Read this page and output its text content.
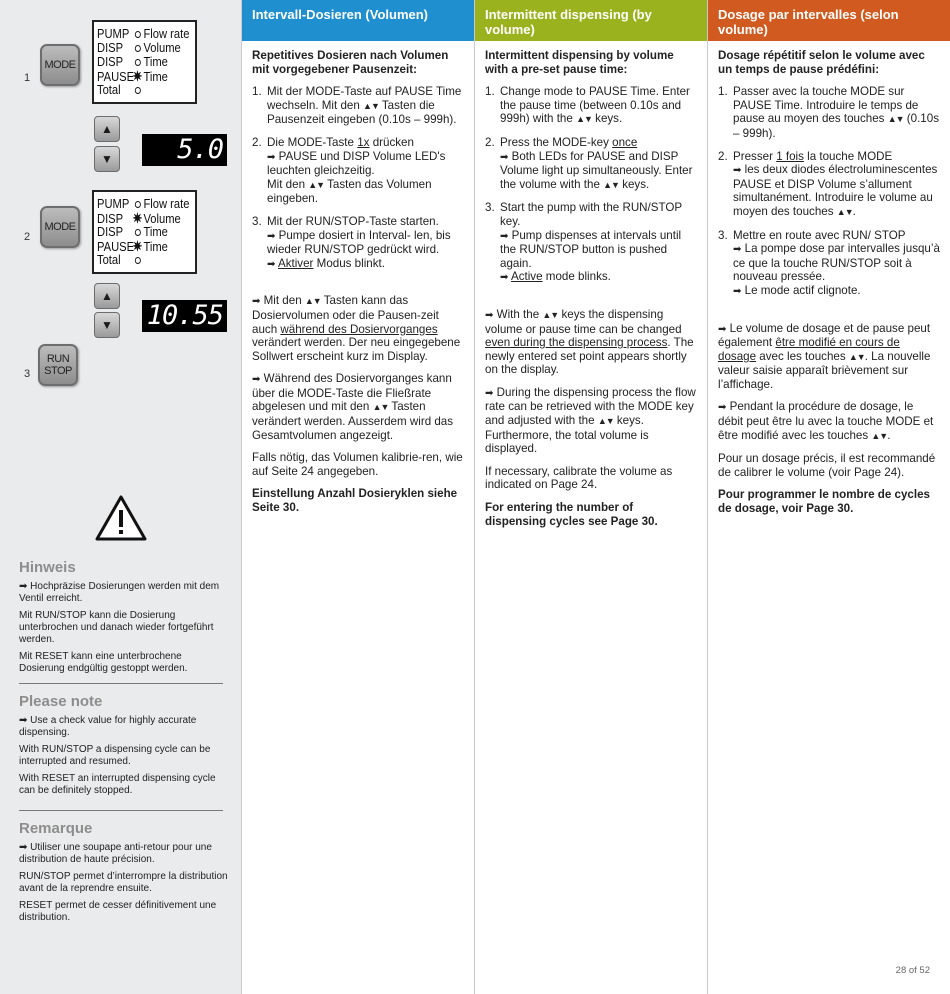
1
MODE
PUMP Flow rate
DISP Volume
DISP Time
PAUSE✷Time
Total
▲
▼	5.0
2
MODE
PUMP Flow rate
DISP ✷Volume
DISP Time
PAUSE✷Time
Total
▲
▼ 10.55
3
RUN STOP
Hinweis

➡ Hochpräzise Dosierungen werden mit dem Ventil erreicht.

Mit RUN/STOP kann die Dosierung unterbrochen und danach wieder fortgeführt werden.

Mit RESET kann eine unterbrochene Dosierung endgültig gestoppt werden.

Please note

➡ Use a check value for highly accurate dispensing.

With RUN/STOP a dispensing cycle can be interrupted and resumed.

With RESET an interrupted dispensing cycle can be definitely stopped.

Remarque

➡ Utiliser une soupape anti-retour pour une distribution de haute précision.

RUN/STOP permet d’interrompre la distribution avant de la reprendre ensuite.

RESET permet de cesser définitivement une distribution.

Intervall-Dosieren (Volumen)
Repetitives Dosieren nach Volumen mit vorgegebener Pausenzeit:
1. Mit der MODE-Taste auf PAUSE Time wechseln. Mit den ▲▼ Tasten die Pausenzeit eingeben (0.10s – 999h).
2. Die MODE-Taste 1x drücken
➡ PAUSE und DISP Volume LED's leuchten gleichzeitig.
Mit den ▲▼ Tasten das Volumen eingeben.
3. Mit der RUN/STOP-Taste starten.
➡ Pumpe dosiert in Interval- len, bis wieder RUN/STOP gedrückt wird.
➡ Aktiver Modus blinkt.

➡ Mit den ▲▼ Tasten kann das Dosiervolumen oder die Pausen-zeit auch während des Dosiervorganges verändert werden. Der neu eingegebene Sollwert erscheint kurz im Display.

➡ Während des Dosiervorganges kann über die MODE-Taste die Fließrate abgelesen und mit den ▲▼ Tasten verändert werden. Ausserdem wird das Gesamtvolumen angezeigt.

Falls nötig, das Volumen kalibrie-ren, wie auf Seite 24 angegeben.

Einstellung Anzahl Dosieryklen siehe Seite 30.

Intermittent dispensing (by volume)
Intermittent dispensing by volume with a pre-set pause time:
1. Change mode to PAUSE Time. Enter the pause time (between 0.10s and 999h) with the ▲▼ keys.
2. Press the MODE-key once
➡ Both LEDs for PAUSE and DISP Volume light up simultaneously. Enter the volume with the ▲▼ keys.
3. Start the pump with the RUN/STOP key.
➡ Pump dispenses at intervals until the RUN/STOP button is pushed again.
➡ Active mode blinks.

➡ With the ▲▼ keys the dispensing volume or pause time can be changed even during the dispensing process. The newly entered set point appears shortly on the display.

➡ During the dispensing process the flow rate can be retrieved with the MODE key and adjusted with the ▲▼ keys. Furthermore, the total volume is displayed.

If necessary, calibrate the volume as indicated on Page 24.

For entering the number of dispensing cycles see Page 30.

Dosage par intervalles (selon volume)
Dosage répétitif selon le volume avec un temps de pause prédéfini:
1. Passer avec la touche MODE sur PAUSE Time. Introduire le temps de pause au moyen des touches ▲▼ (0.10s – 999h).
2. Presser 1 fois la touche MODE
➡ les deux diodes électroluminescentes PAUSE et DISP Volume s’allument simultanément. Introduire le volume au moyen des touches ▲▼.
3. Mettre en route avec RUN/ STOP
➡ La pompe dose par intervalles jusqu’à ce que la touche RUN/STOP soit à nouveau pressée.
➡ Le mode actif clignote.

➡ Le volume de dosage et de pause peut également être modifié en cours de dosage avec les touches ▲▼. La nouvelle valeur saisie apparaît brièvement sur l’affichage.

➡ Pendant la procédure de dosage, le débit peut être lu avec la touche MODE et être modifié avec les touches ▲▼.

Pour un dosage précis, il est recommandé de calibrer le volume (voir Page 24).

Pour programmer le nombre de cycles de dosage, voir Page 30.

28 of 52
